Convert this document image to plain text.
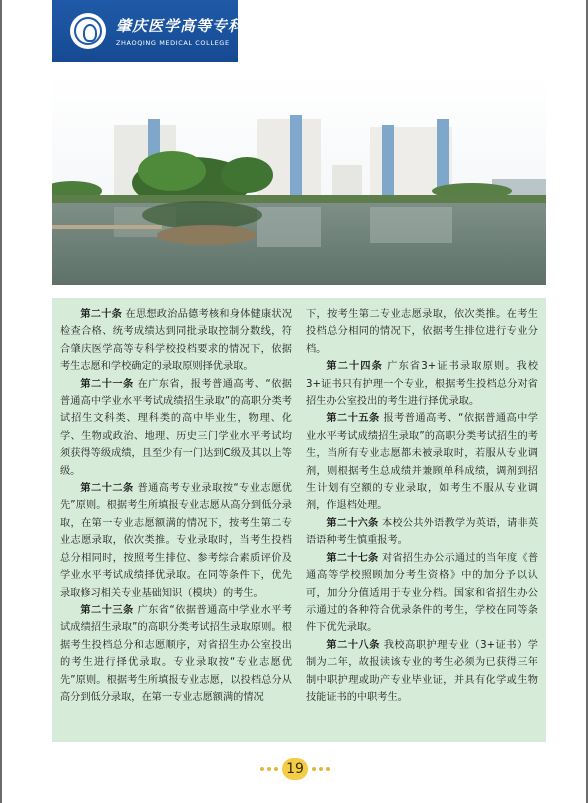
肇庆医学高等专科学校
ZHAOQING MEDICAL COLLEGE

第二十条 在思想政治品德考核和身体健康状况检查合格、统考成绩达到同批录取控制分数线，符合肇庆医学高等专科学校投档要求的情况下，依据考生志愿和学校确定的录取原则择优录取。

第二十一条 在广东省，报考普通高考、“依据普通高中学业水平考试成绩招生录取”的高职分类考试招生文科类、理科类的高中毕业生，物理、化学、生物或政治、地理、历史三门学业水平考试均须获得等级成绩，且至少有一门达到C级及其以上等级。

第二十二条 普通高考专业录取按“专业志愿优先”原则。根据考生所填报专业志愿从高分到低分录取，在第一专业志愿额满的情况下，按考生第二专业志愿录取，依次类推。专业录取时，当考生投档总分相同时，按照考生排位、参考综合素质评价及学业水平考试成绩择优录取。在同等条件下，优先录取修习相关专业基础知识（模块）的考生。

第二十三条 广东省“依据普通高中学业水平考试成绩招生录取”的高职分类考试招生录取原则。根据考生投档总分和志愿顺序，对省招生办公室投出的考生进行择优录取。专业录取按“专业志愿优先”原则。根据考生所填报专业志愿，以投档总分从高分到低分录取，在第一专业志愿额满的情况

下，按考生第二专业志愿录取，依次类推。在考生投档总分相同的情况下，依据考生排位进行专业分档。

第二十四条 广东省3+证书录取原则。我校3+证书只有护理一个专业，根据考生投档总分对省招生办公室投出的考生进行择优录取。

第二十五条 报考普通高考、“依据普通高中学业水平考试成绩招生录取”的高职分类考试招生的考生，当所有专业志愿都未被录取时，若服从专业调剂，则根据考生总成绩并兼顾单科成绩，调剂到招生计划有空额的专业录取，如考生不服从专业调剂，作退档处理。

第二十六条 本校公共外语教学为英语，请非英语语种考生慎重报考。

第二十七条 对省招生办公示通过的当年度《普通高等学校照顾加分考生资格》中的加分予以认可，加分分值适用于专业分档。国家和省招生办公示通过的各种符合优录条件的考生，学校在同等条件下优先录取。

第二十八条 我校高职护理专业（3+证书）学制为二年，故报读该专业的考生必须为已获得三年制中职护理或助产专业毕业证，并具有化学或生物技能证书的中职考生。

19
